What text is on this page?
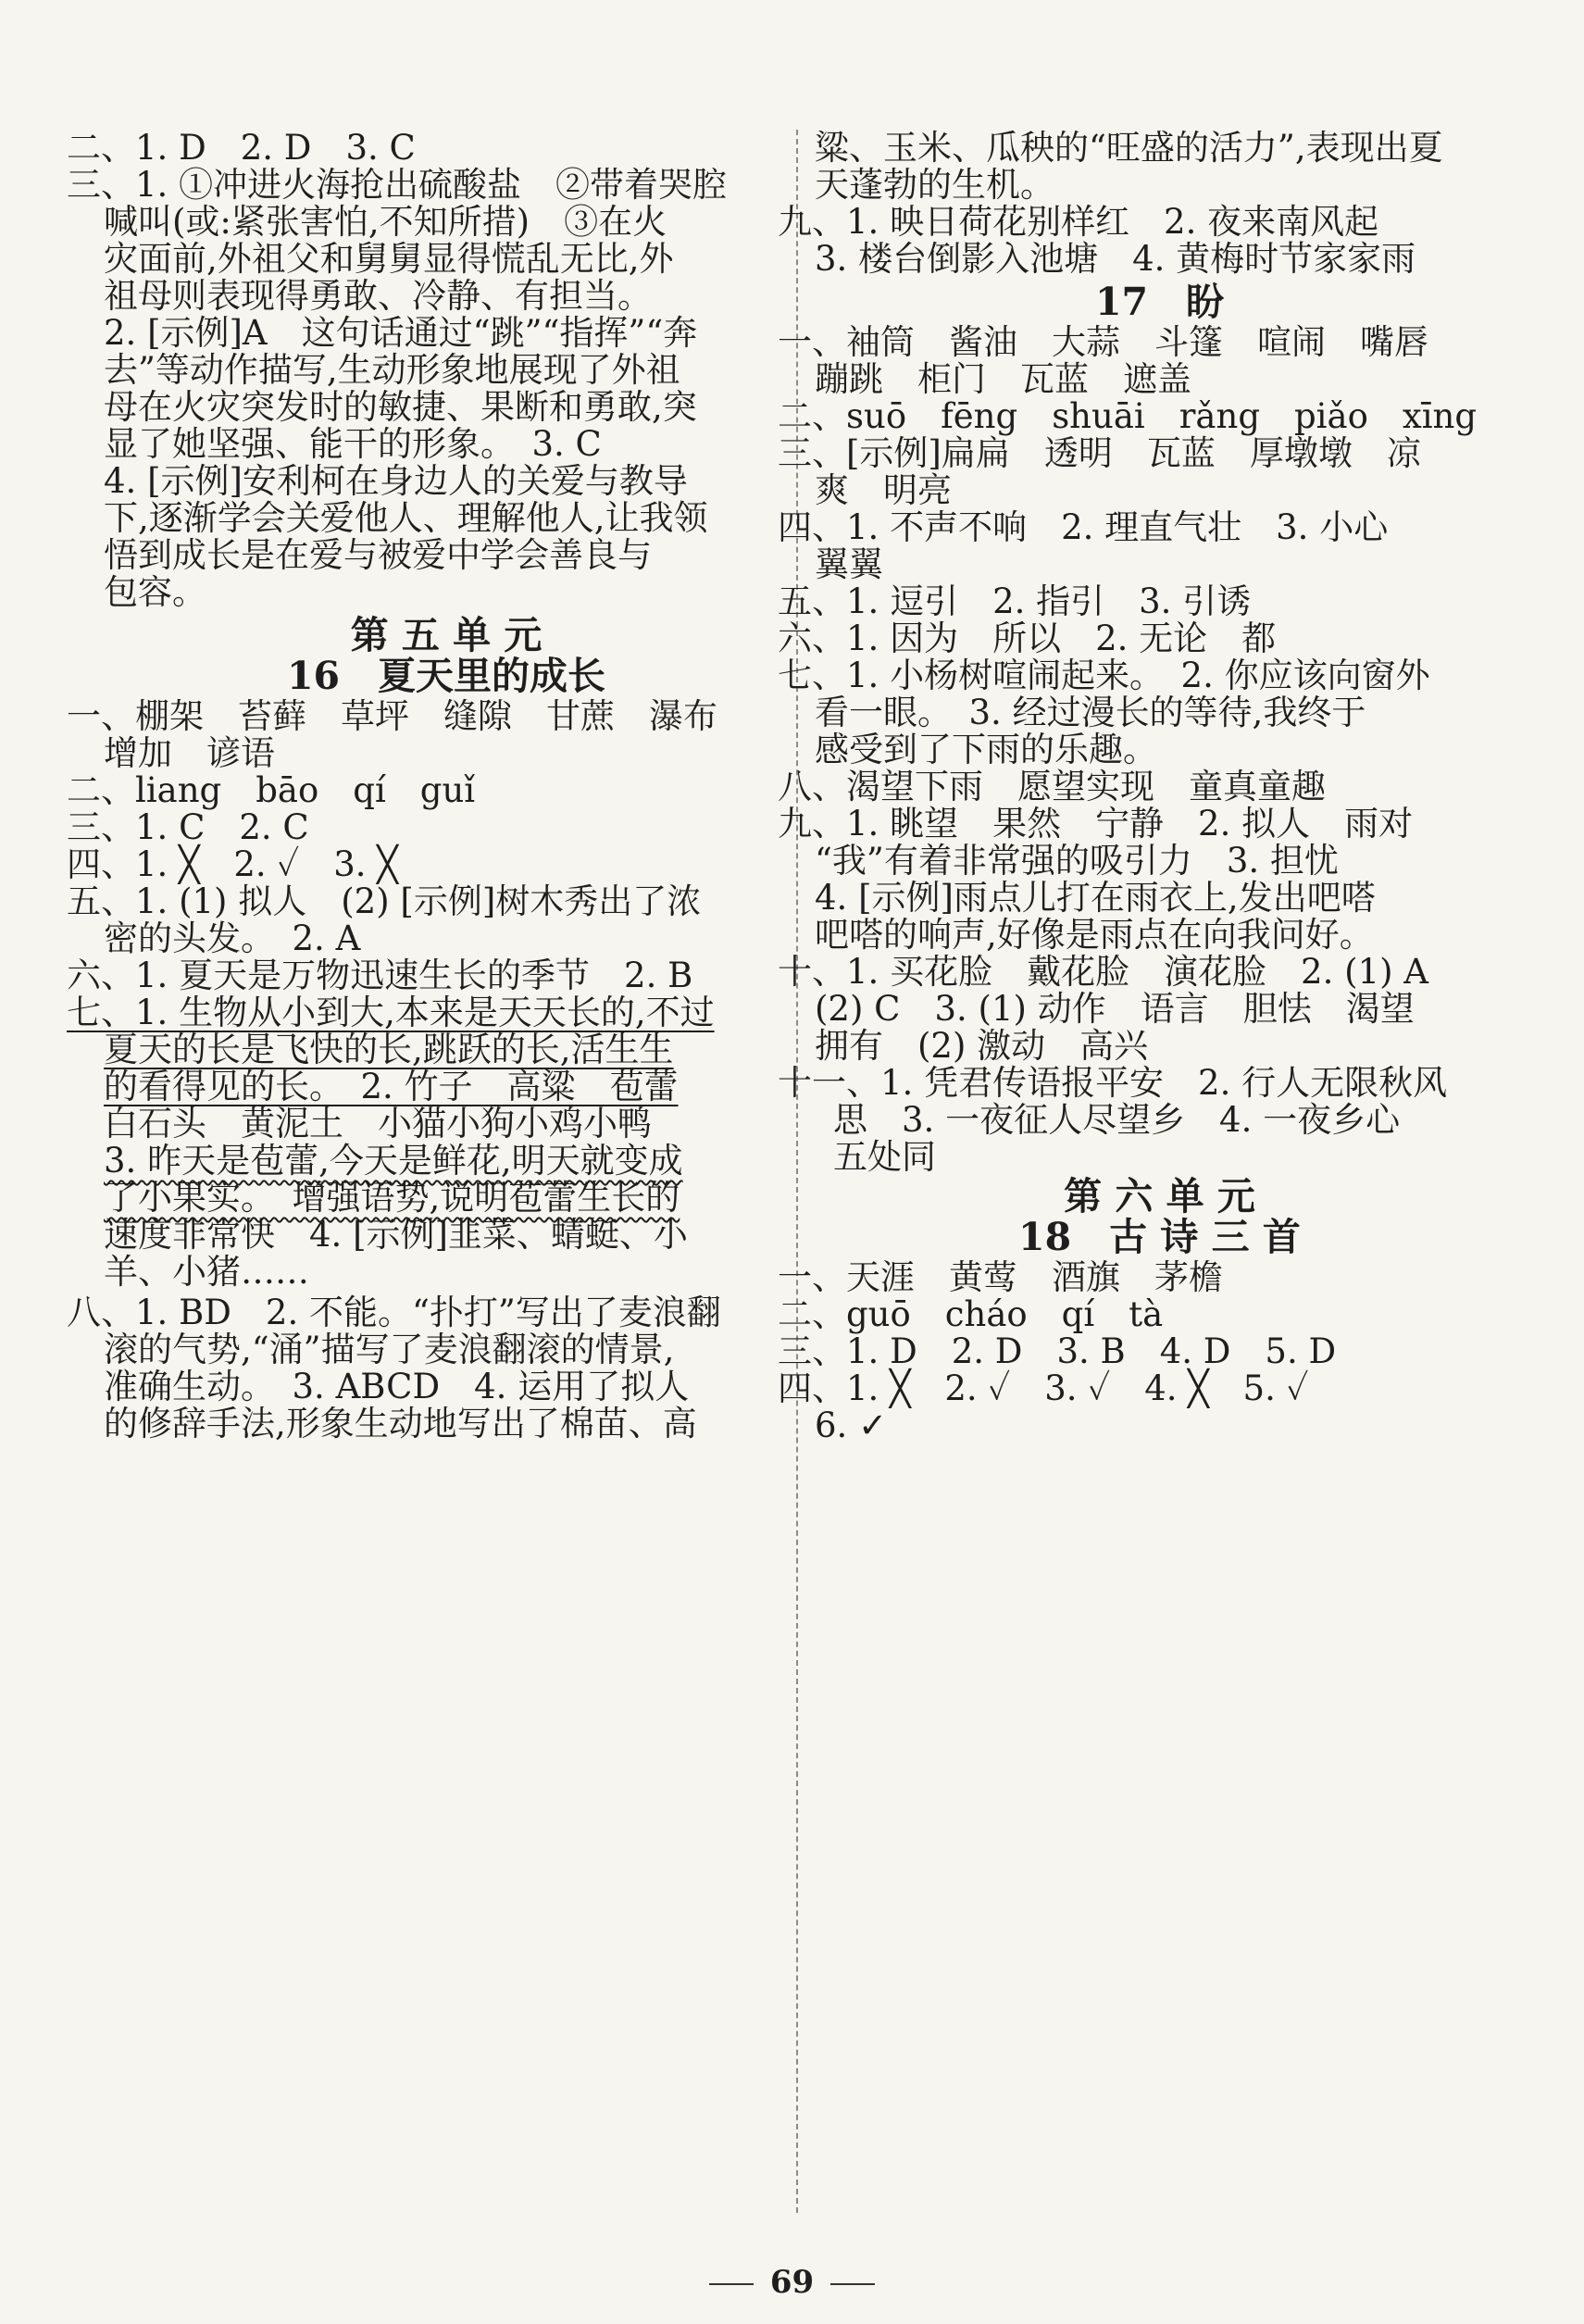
二、1. D　2. D　3. C
三、1. ①冲进火海抢出硫酸盐　②带着哭腔
喊叫(或:紧张害怕,不知所措)　③在火
灾面前,外祖父和舅舅显得慌乱无比,外
祖母则表现得勇敢、冷静、有担当。
2. [示例]A　这句话通过“跳”“指挥”“奔
去”等动作描写,生动形象地展现了外祖
母在火灾突发时的敏捷、果断和勇敢,突
显了她坚强、能干的形象。　3. C
4. [示例]安利柯在身边人的关爱与教导
下,逐渐学会关爱他人、理解他人,让我领
悟到成长是在爱与被爱中学会善良与
包容。
第 五 单 元
16　夏天里的成长
一、棚架　苔藓　草坪　缝隙　甘蔗　瀑布
增加　谚语
二、liang　bāo　qí　guǐ
三、1. C　2. C
四、1. ╳　2. ✓　3. ╳
五、1. (1) 拟人　(2) [示例]树木秀出了浓
密的头发。　2. A
六、1. 夏天是万物迅速生长的季节　2. B
七、1. 生物从小到大,本来是天天长的,不过
夏天的长是飞快的长,跳跃的长,活生生
的看得见的长。　2. 竹子　高粱　苞蕾
白石头　黄泥土　小猫小狗小鸡小鸭
3. 昨天是苞蕾,今天是鲜花,明天就变成
了小果实。　增强语势,说明苞蕾生长的
速度非常快　4. [示例]韭菜、蜻蜓、小
羊、小猪……
八、1. BD　2. 不能。“扑打”写出了麦浪翻
滚的气势,“涌”描写了麦浪翻滚的情景,
准确生动。　3. ABCD　4. 运用了拟人
的修辞手法,形象生动地写出了棉苗、高
粱、玉米、瓜秧的“旺盛的活力”,表现出夏
天蓬勃的生机。
九、1. 映日荷花别样红　2. 夜来南风起
3. 楼台倒影入池塘　4. 黄梅时节家家雨
17　盼
一、袖筒　酱油　大蒜　斗篷　喧闹　嘴唇
蹦跳　柜门　瓦蓝　遮盖
二、suō　fēng　shuāi　rǎng　piǎo　xīng
三、[示例]扁扁　透明　瓦蓝　厚墩墩　凉
爽　明亮
四、1. 不声不响　2. 理直气壮　3. 小心
翼翼
五、1. 逗引　2. 指引　3. 引诱
六、1. 因为　所以　2. 无论　都
七、1. 小杨树喧闹起来。　2. 你应该向窗外
看一眼。　3. 经过漫长的等待,我终于
感受到了下雨的乐趣。
八、渴望下雨　愿望实现　童真童趣
九、1. 眺望　果然　宁静　2. 拟人　雨对
“我”有着非常强的吸引力　3. 担忧
4. [示例]雨点儿打在雨衣上,发出吧嗒
吧嗒的响声,好像是雨点在向我问好。
十、1. 买花脸　戴花脸　演花脸　2. (1) A
(2) C　3. (1) 动作　语言　胆怯　渴望
拥有　(2) 激动　高兴
十一、1. 凭君传语报平安　2. 行人无限秋风
思　3. 一夜征人尽望乡　4. 一夜乡心
五处同
第 六 单 元
18　古 诗 三 首
一、天涯　黄莺　酒旗　茅檐
二、guō　cháo　qí　tà
三、1. D　2. D　3. B　4. D　5. D
四、1. ╳　2. ✓　3. ✓　4. ╳　5. ✓
6. ✓
69
